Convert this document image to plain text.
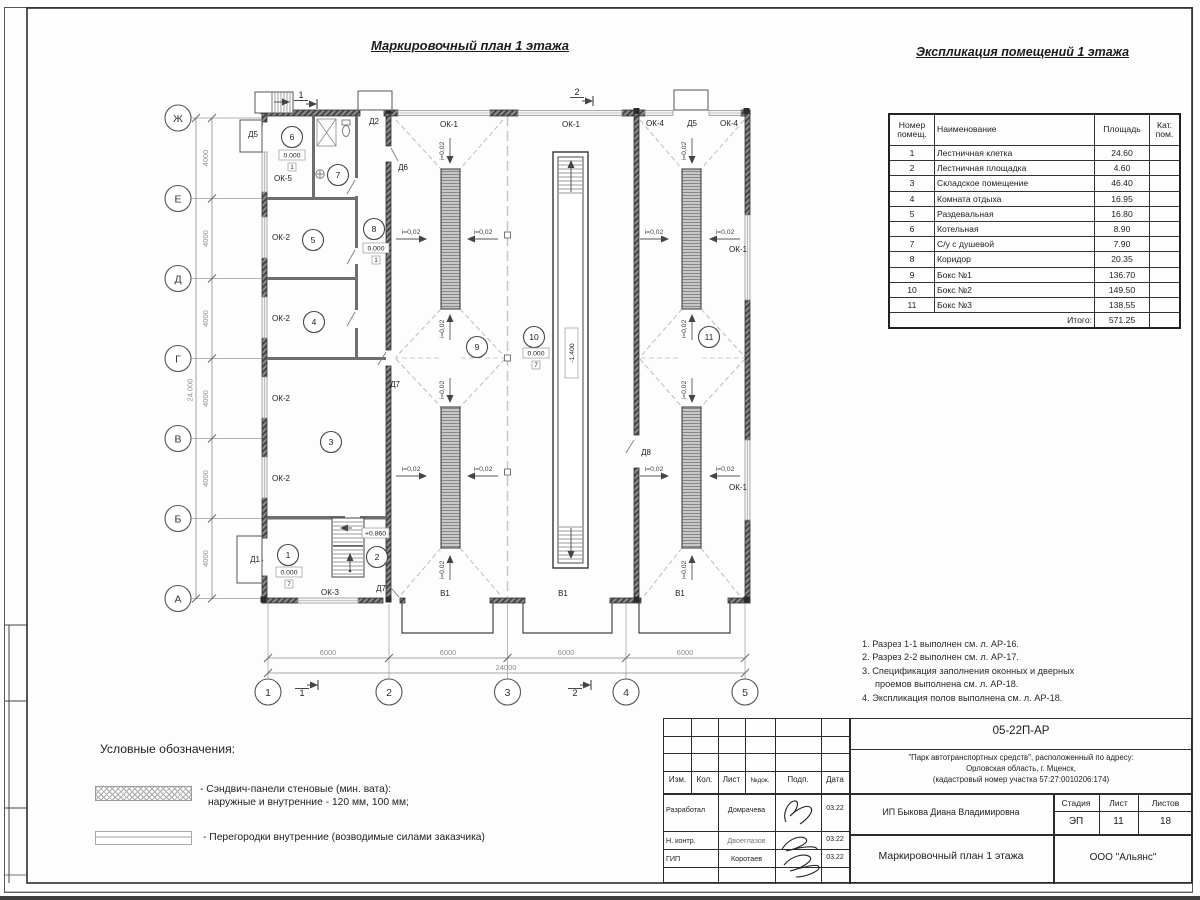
Ж
Е
Д
Г
В
Б
А
1	2	3	4	5
4000
4000
4000
4000
4000
4000
24.000
6000	6000	6000	6000
24000
-1.400
i=0,02	i=0,02	i=0,02	i=0,02
i=0,02	i=0,02	i=0,02	i=0,02
i=0,02	i=0,02
i=0,02	i=0,02
i=0,02	i=0,02
i=0,02	i=0,02
1	2
3
4
5
6
7
8
9
10	11
0.000
0.000
0.000
0.000
+0.860
1
1
7
7
Д2	ОК-1	ОК-1	ОК-4	Д5	ОК-4
Д5
ОК-5
ОК-2
ОК-2
ОК-2
ОК-2
Д1
ОК-3	Д7
Д6
Д7
Д8
ОК-1
ОК-1
В1	В1	В1
1	2
1	2
Маркировочный план 1 этажа	Экспликация помещений 1 этажа
Номер помещ.	Наименование	Площадь	Кат. пом.
1	Лестничная клетка	24.60	
2	Лестничная площадка	4.60	
3	Складское помещение	46.40	
4	Комната отдыха	16.95	
5	Раздевальная	16.80	
6	Котельная	8.90	
7	С/у с душевой	7.90	
8	Коридор	20.35	
9	Бокс №1	136.70	
10	Бокс №2	149.50	
11	Бокс №3	138.55	
Итого:		571.25	
1. Разрез 1-1 выполнен см. л. АР-16.
2. Разрез 2-2 выполнен см. л. АР-17.
3. Спецификация заполнения оконных и дверных
проемов выполнена см. л. АР-18.
4. Экспликация полов выполнена см. л. АР-18.
Условные обозначения:
- Сэндвич-панели стеновые (мин. вата):
наружные и внутренние - 120 мм, 100 мм;
- Перегородки внутренние (возводимые силами заказчика)
Изм.	Кол.	Лист	№док.	Подп.	Дата
Разработал	Домрачева	03.22
Н. контр.	Двоеглазов	03.22
ГИП	Коротаев	03.22
05-22П-АР
"Парк автотранспортных средств", расположенный по адресу:
Орловская область, г. Мценск,
(кадастровый номер участка 57:27:0010206:174)
ИП Быкова Диана Владимировна
Стадия	Лист	Листов
ЭП	11	18
Маркировочный план 1 этажа	ООО "Альянс"
